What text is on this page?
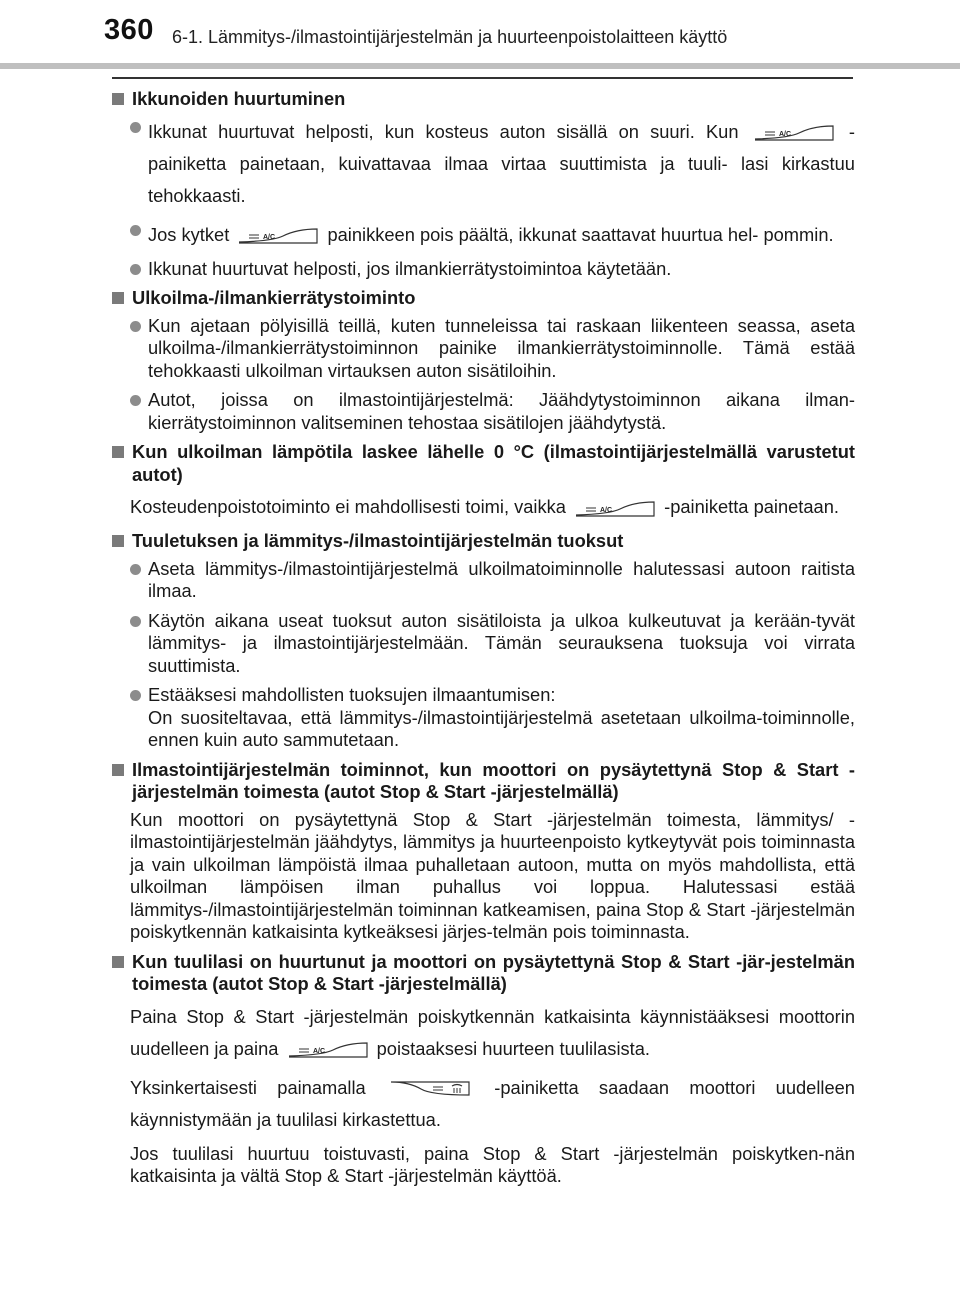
360 6-1. Lämmitys-/ilmastointijärjestelmän ja huurteenpoistolaitteen käyttö
Ikkunoiden huurtuminen
Ikkunat huurtuvat helposti, kun kosteus auton sisällä on suuri. Kun	A/C	-painiketta painetaan, kuivattavaa ilmaa virtaa suuttimista ja tuuli- lasi kirkastuu tehokkaasti.
Jos kytket	A/C	painikkeen pois päältä, ikkunat saattavat huurtua hel- pommin.
Ikkunat huurtuvat helposti, jos ilmankierrätystoimintoa käytetään.
Ulkoilma-/ilmankierrätystoiminto
Kun ajetaan pölyisillä teillä, kuten tunneleissa tai raskaan liikenteen seassa, aseta ulkoilma-/ilmankierrätystoiminnon painike ilmankierrätystoiminnolle. Tämä estää tehokkaasti ulkoilman virtauksen auton sisätiloihin.
Autot, joissa on ilmastointijärjestelmä: Jäähdytystoiminnon aikana ilman-kierrätystoiminnon valitseminen tehostaa sisätilojen jäähdytystä.
Kun ulkoilman lämpötila laskee lähelle 0 °C (ilmastointijärjestelmällä varustetut autot)
Kosteudenpoistotoiminto ei mahdollisesti toimi, vaikka	A/C	-painiketta painetaan.
Tuuletuksen ja lämmitys-/ilmastointijärjestelmän tuoksut
Aseta lämmitys-/ilmastointijärjestelmä ulkoilmatoiminnolle halutessasi autoon raitista ilmaa.
Käytön aikana useat tuoksut auton sisätiloista ja ulkoa kulkeutuvat ja kerään-tyvät lämmitys- ja ilmastointijärjestelmään. Tämän seurauksena tuoksuja voi virrata suuttimista.
Estääksesi mahdollisten tuoksujen ilmaantumisen:
On suositeltavaa, että lämmitys-/ilmastointijärjestelmä asetetaan ulkoilma-toiminnolle, ennen kuin auto sammutetaan.
Ilmastointijärjestelmän toiminnot, kun moottori on pysäytettynä Stop & Start -järjestelmän toimesta (autot Stop & Start -järjestelmällä)

Kun moottori on pysäytettynä Stop & Start -järjestelmän toimesta, lämmitys/ -ilmastointijärjestelmän jäähdytys, lämmitys ja huurteenpoisto kytkeytyvät pois toiminnasta ja vain ulkoilman lämpöistä ilmaa puhalletaan autoon, mutta on myös mahdollista, että ulkoilman lämpöisen ilman puhallus voi loppua. Halutessasi estää lämmitys-/ilmastointijärjestelmän toiminnan katkeamisen, paina Stop & Start -järjestelmän poiskytkennän katkaisinta kytkeäksesi järjes-telmän pois toiminnasta.

Kun tuulilasi on huurtunut ja moottori on pysäytettynä Stop & Start -jär-jestelmän toimesta (autot Stop & Start -järjestelmällä)
Paina Stop & Start -järjestelmän poiskytkennän katkaisinta käynnistääksesi moottorin uudelleen ja paina	A/C	poistaaksesi huurteen tuulilasista.
Yksinkertaisesti painamalla	-painiketta saadaan moottori uudelleen käynnistymään ja tuulilasi kirkastettua.

Jos tuulilasi huurtuu toistuvasti, paina Stop & Start -järjestelmän poiskytken-nän katkaisinta ja vältä Stop & Start -järjestelmän käyttöä.
